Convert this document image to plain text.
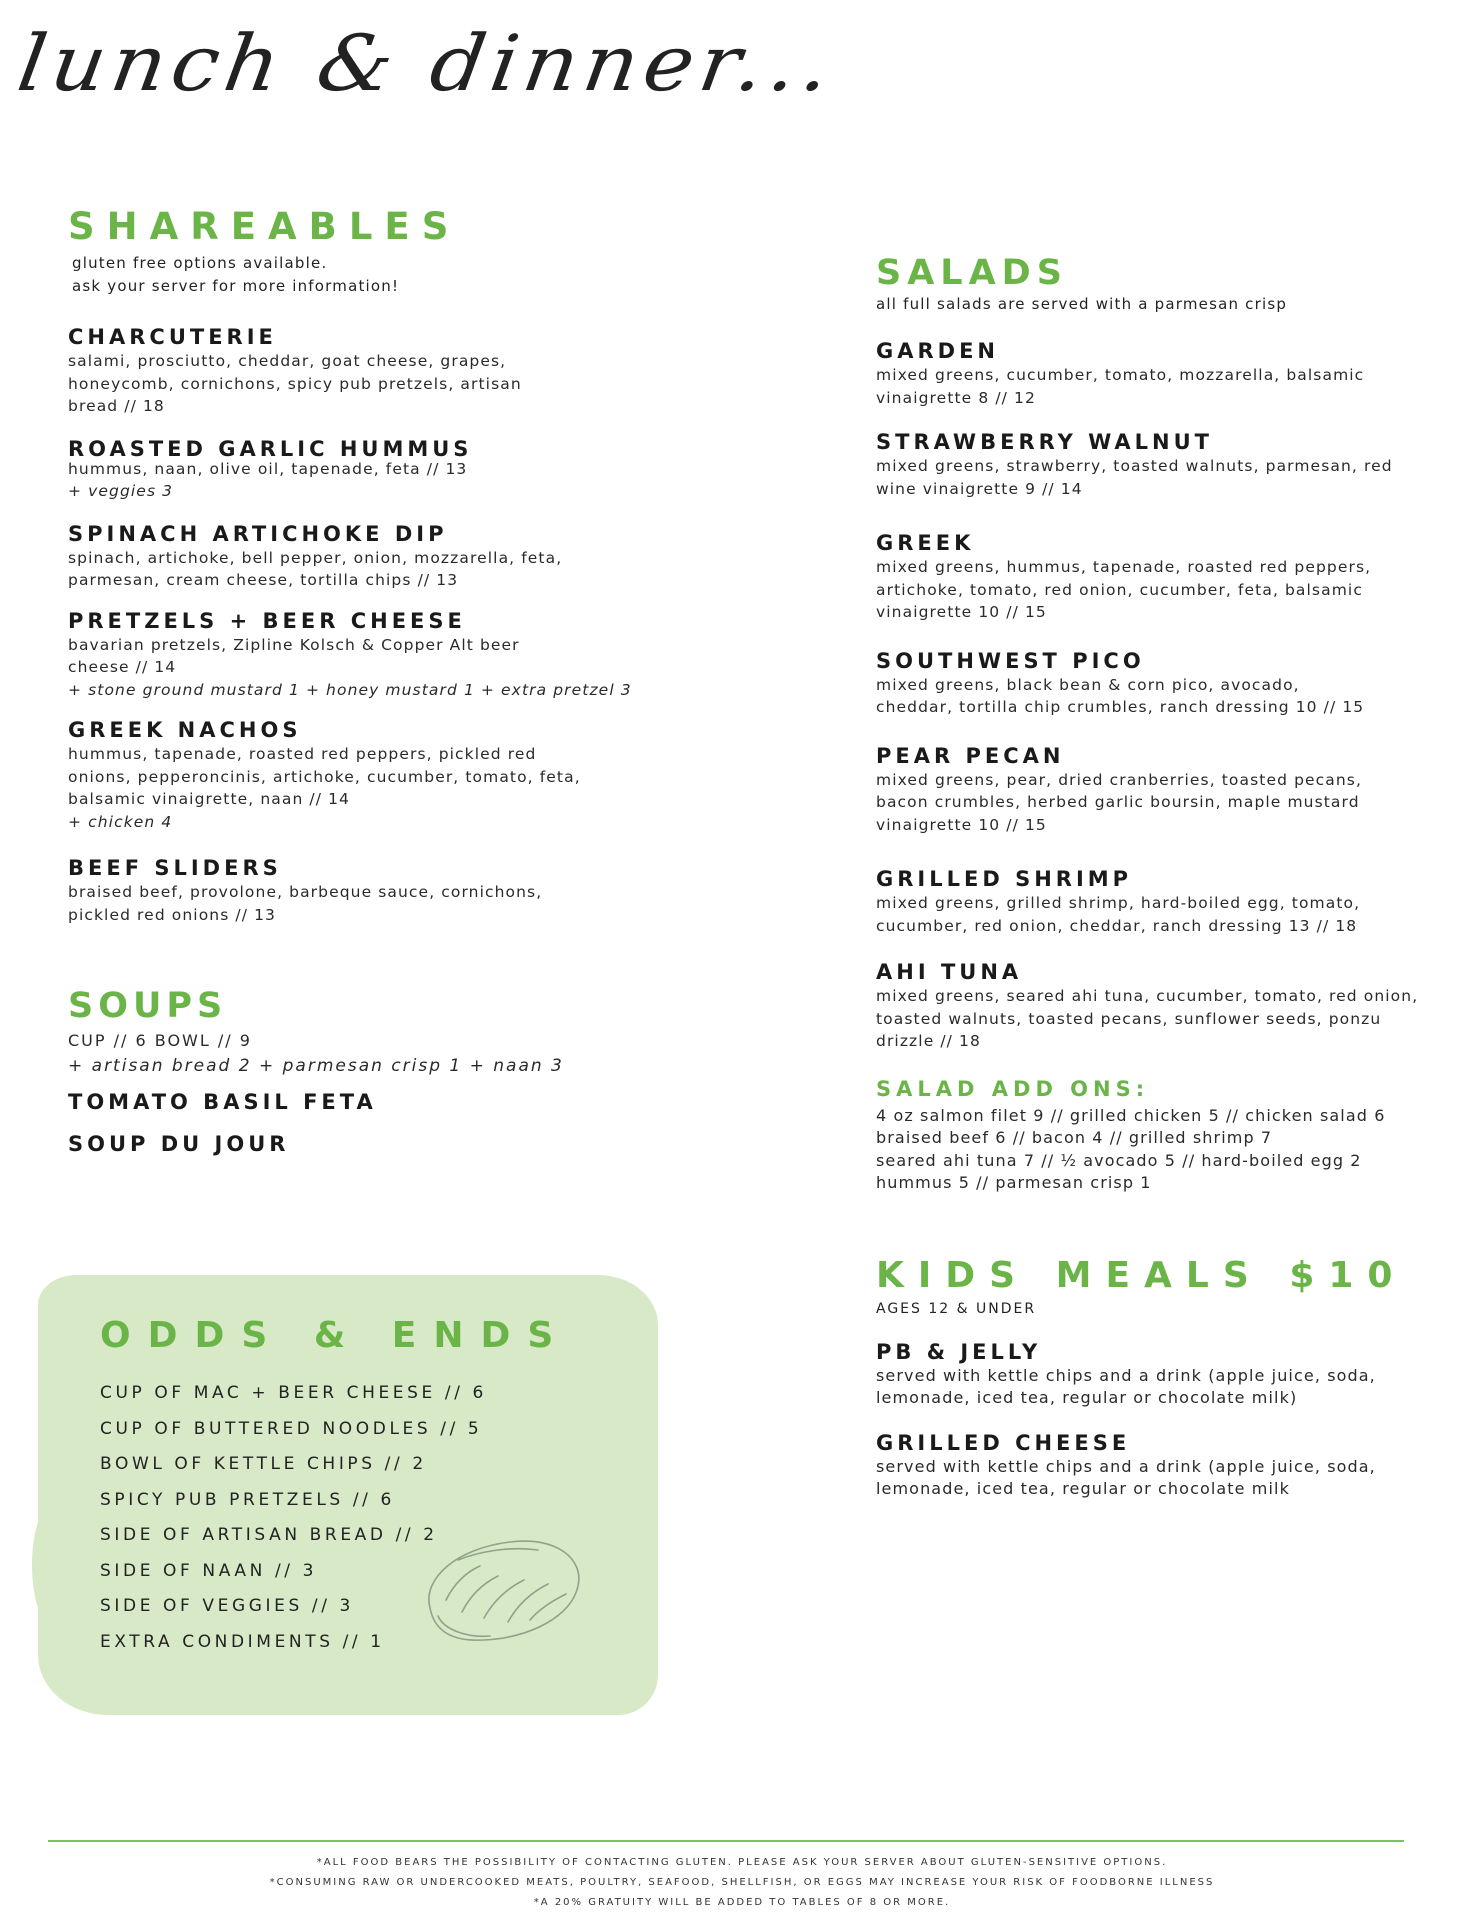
lunch & dinner...
SHAREABLES
gluten free options available.
ask your server for more information!
CHARCUTERIE
salami, prosciutto, cheddar, goat cheese, grapes,
honeycomb, cornichons, spicy pub pretzels, artisan
bread // 18
ROASTED GARLIC HUMMUS
hummus, naan, olive oil, tapenade, feta // 13
+ veggies 3
SPINACH ARTICHOKE DIP
spinach, artichoke, bell pepper, onion, mozzarella, feta,
parmesan, cream cheese, tortilla chips // 13
PRETZELS + BEER CHEESE
bavarian pretzels, Zipline Kolsch & Copper Alt beer
cheese // 14
+ stone ground mustard 1 + honey mustard 1 + extra pretzel 3
GREEK NACHOS
hummus, tapenade, roasted red peppers, pickled red
onions, pepperoncinis, artichoke, cucumber, tomato, feta,
balsamic vinaigrette, naan // 14
+ chicken 4
BEEF SLIDERS
braised beef, provolone, barbeque sauce, cornichons,
pickled red onions // 13
SOUPS
CUP // 6 BOWL // 9
+ artisan bread 2 + parmesan crisp 1 + naan 3
TOMATO BASIL FETA
SOUP DU JOUR
ODDS & ENDS
CUP OF MAC + BEER CHEESE // 6
CUP OF BUTTERED NOODLES // 5
BOWL OF KETTLE CHIPS // 2
SPICY PUB PRETZELS // 6
SIDE OF ARTISAN BREAD // 2
SIDE OF NAAN // 3
SIDE OF VEGGIES // 3
EXTRA CONDIMENTS // 1
SALADS
all full salads are served with a parmesan crisp
GARDEN
mixed greens, cucumber, tomato, mozzarella, balsamic
vinaigrette 8 // 12
STRAWBERRY WALNUT
mixed greens, strawberry, toasted walnuts, parmesan, red
wine vinaigrette 9 // 14
GREEK
mixed greens, hummus, tapenade, roasted red peppers,
artichoke, tomato, red onion, cucumber, feta, balsamic
vinaigrette 10 // 15
SOUTHWEST PICO
mixed greens, black bean & corn pico, avocado,
cheddar, tortilla chip crumbles, ranch dressing 10 // 15
PEAR PECAN
mixed greens, pear, dried cranberries, toasted pecans,
bacon crumbles, herbed garlic boursin, maple mustard
vinaigrette 10 // 15
GRILLED SHRIMP
mixed greens, grilled shrimp, hard-boiled egg, tomato,
cucumber, red onion, cheddar, ranch dressing 13 // 18
AHI TUNA
mixed greens, seared ahi tuna, cucumber, tomato, red onion,
toasted walnuts, toasted pecans, sunflower seeds, ponzu
drizzle // 18
SALAD ADD ONS:
4 oz salmon filet 9 // grilled chicken 5 // chicken salad 6
braised beef 6 // bacon 4 // grilled shrimp 7
seared ahi tuna 7 // ½ avocado 5 // hard-boiled egg 2
hummus 5 // parmesan crisp 1
KIDS MEALS $10
AGES 12 & UNDER
PB & JELLY
served with kettle chips and a drink (apple juice, soda,
lemonade, iced tea, regular or chocolate milk)
GRILLED CHEESE
served with kettle chips and a drink (apple juice, soda,
lemonade, iced tea, regular or chocolate milk
*ALL FOOD BEARS THE POSSIBILITY OF CONTACTING GLUTEN. PLEASE ASK YOUR SERVER ABOUT GLUTEN-SENSITIVE OPTIONS.
*CONSUMING RAW OR UNDERCOOKED MEATS, POULTRY, SEAFOOD, SHELLFISH, OR EGGS MAY INCREASE YOUR RISK OF FOODBORNE ILLNESS
*A 20% GRATUITY WILL BE ADDED TO TABLES OF 8 OR MORE.
